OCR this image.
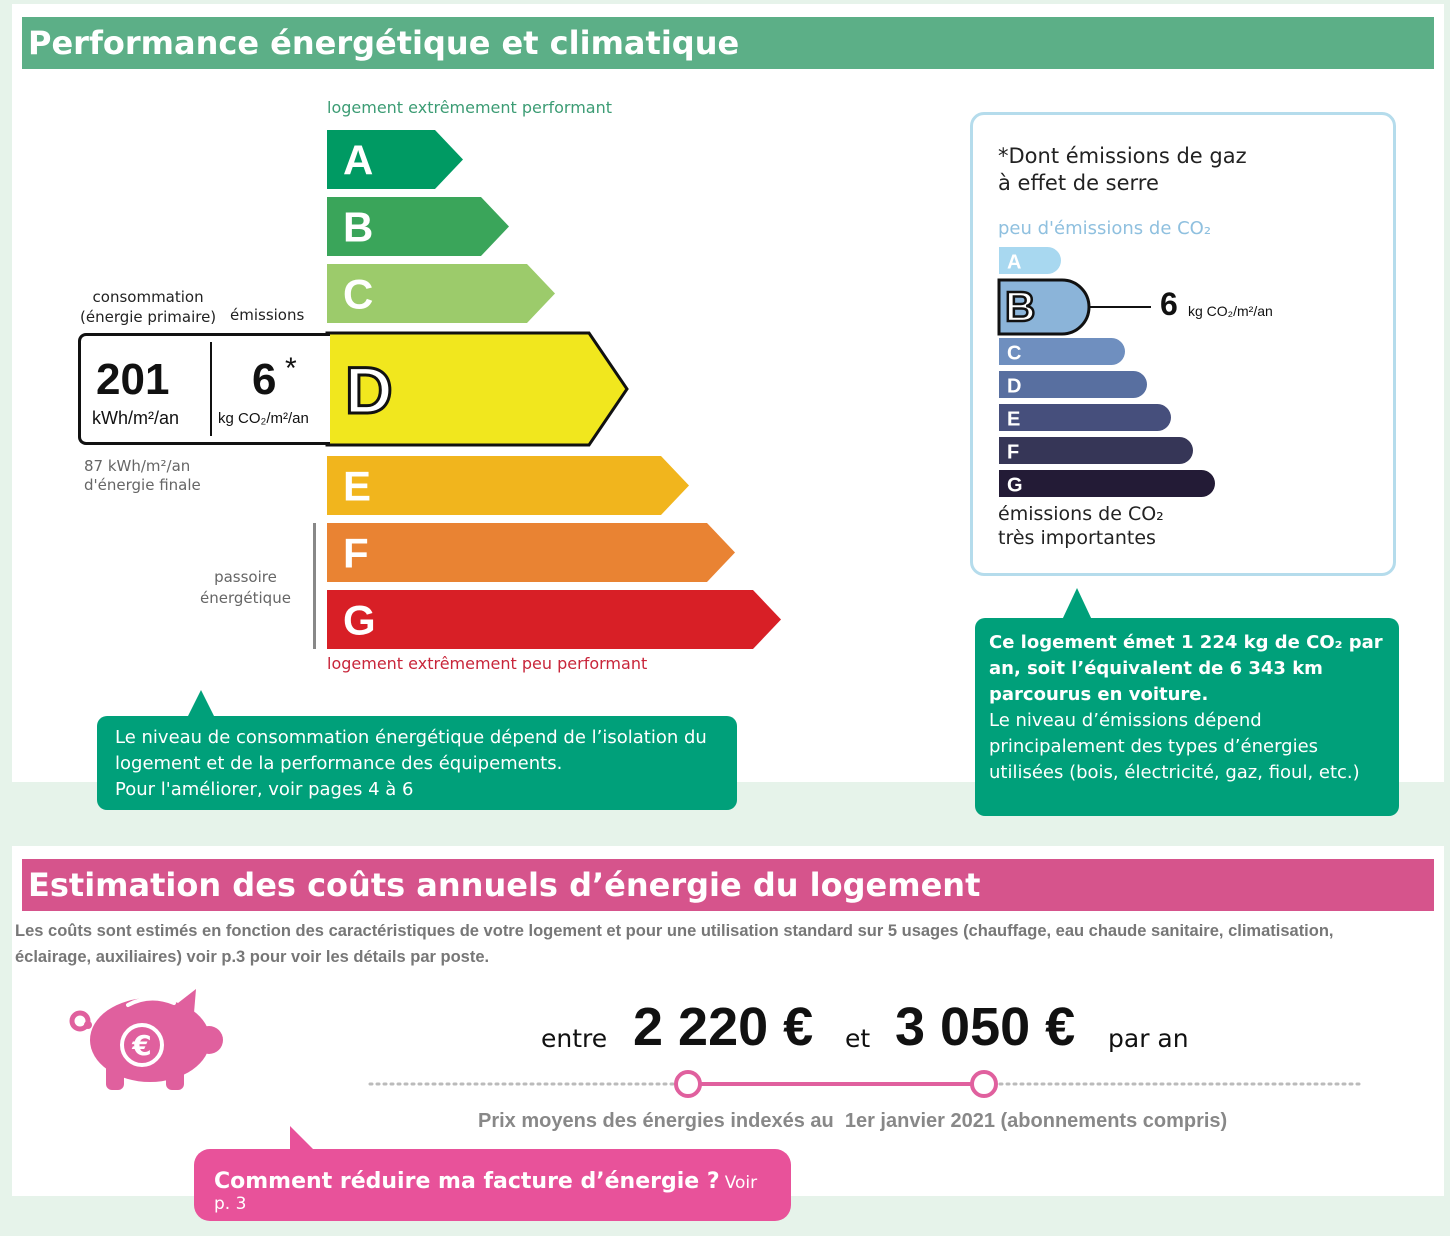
Performance énergétique et climatique
logement extrêmement performant
A
B
C
D
E
F
G
logement extrêmement peu performant
consommation
(énergie primaire) émissions
201
kWh/m²/an
6 *
kg CO₂/m²/an
87 kWh/m²/an
d'énergie finale
passoire
énergétique
*Dont émissions de gaz
à effet de serre
peu d'émissions de CO₂
A
B
C
D
E
F
G
6 kg CO₂/m²/an
émissions de CO₂
très importantes
Le niveau de consommation énergétique dépend de l’isolation du
logement et de la performance des équipements.
Pour l'améliorer, voir pages 4 à 6
Ce logement émet 1 224 kg de CO₂ par
an, soit l’équivalent de 6 343 km
parcourus en voiture.
Le niveau d’émissions dépend
principalement des types d’énergies
utilisées (bois, électricité, gaz, fioul, etc.)
Estimation des coûts annuels d’énergie du logement
Les coûts sont estimés en fonction des caractéristiques de votre logement et pour une utilisation standard sur 5 usages (chauffage, eau chaude sanitaire, climatisation,
éclairage, auxiliaires) voir p.3 pour voir les détails par poste.
€	entre 2 220 € et 3 050 € par an
Prix moyens des énergies indexés au  1er janvier 2021 (abonnements compris)
Comment réduire ma facture d’énergie ? Voir p. 3
